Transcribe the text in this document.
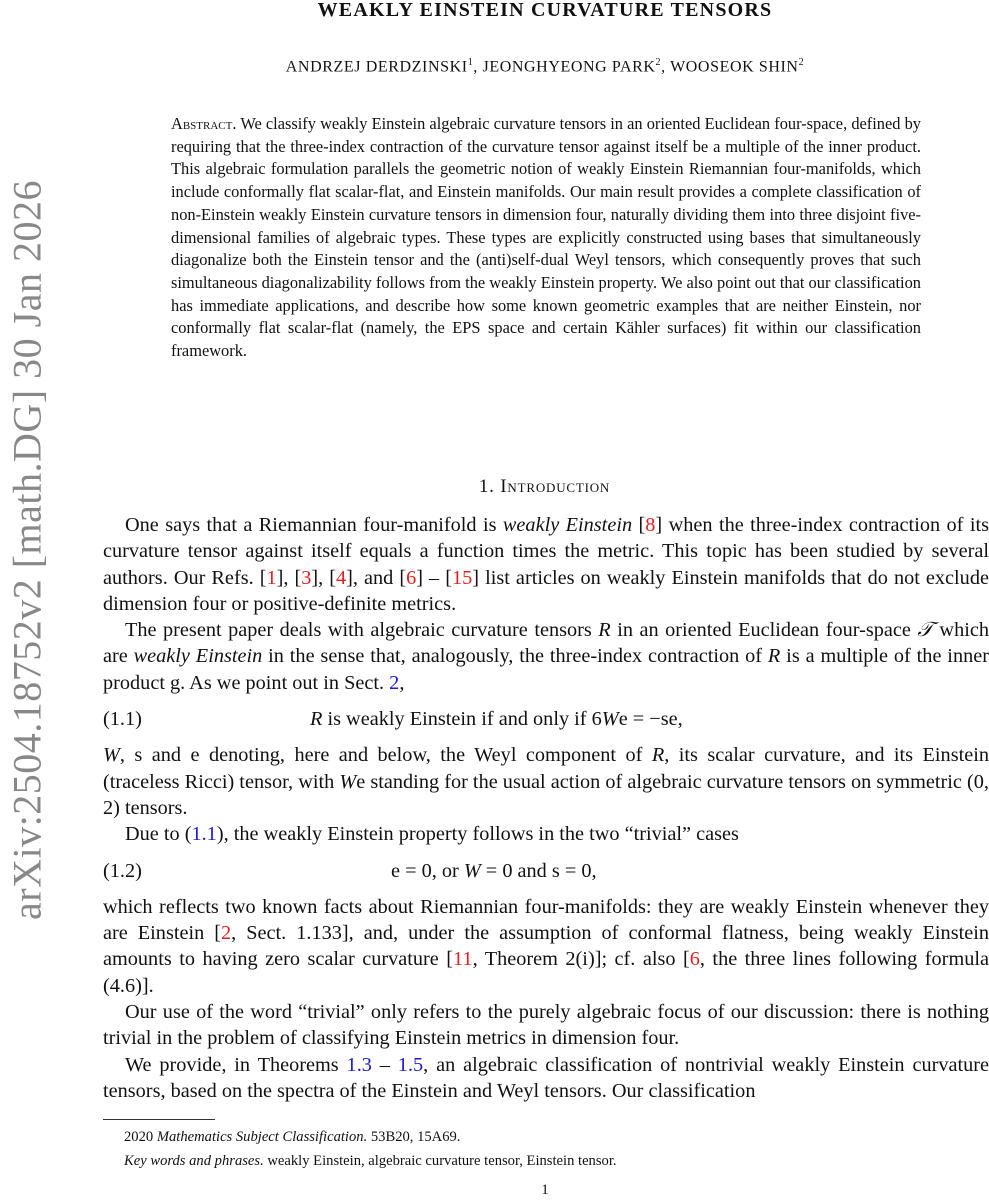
arXiv:2504.18752v2 [math.DG] 30 Jan 2026
WEAKLY EINSTEIN CURVATURE TENSORS
ANDRZEJ DERDZINSKI$^1$, JEONGHYEONG PARK$^2$, WOOSEOK SHIN$^2$
Abstract. We classify weakly Einstein algebraic curvature tensors in an oriented Euclidean four-space, defined by requiring that the three-index contraction of the curvature tensor against itself be a multiple of the inner product. This algebraic formulation parallels the geometric notion of weakly Einstein Riemannian four-manifolds, which include conformally flat scalar-flat, and Einstein manifolds. Our main result provides a complete classification of non-Einstein weakly Einstein curvature tensors in dimension four, naturally dividing them into three disjoint five-dimensional families of algebraic types. These types are explicitly constructed using bases that simultaneously diagonalize both the Einstein tensor and the (anti)self-dual Weyl tensors, which consequently proves that such simultaneous diagonalizability follows from the weakly Einstein property. We also point out that our classification has immediate applications, and describe how some known geometric examples that are neither Einstein, nor conformally flat scalar-flat (namely, the EPS space and certain Kähler surfaces) fit within our classification framework.
1. Introduction

One says that a Riemannian four-manifold is weakly Einstein [8] when the three-index contraction of its curvature tensor against itself equals a function times the metric. This topic has been studied by several authors. Our Refs. [1], [3], [4], and [6] – [15] list articles on weakly Einstein manifolds that do not exclude dimension four or positive-definite metrics.

The present paper deals with algebraic curvature tensors R in an oriented Euclidean four-space 𝒯 which are weakly Einstein in the sense that, analogously, the three-index contraction of R is a multiple of the inner product g. As we point out in Sect. 2,

(1.1)	R is weakly Einstein if and only if 6We = −se,

W, s and e denoting, here and below, the Weyl component of R, its scalar curvature, and its Einstein (traceless Ricci) tensor, with We standing for the usual action of algebraic curvature tensors on symmetric (0, 2) tensors.

Due to (1.1), the weakly Einstein property follows in the two “trivial” cases

(1.2)	e = 0, or W = 0 and s = 0,

which reflects two known facts about Riemannian four-manifolds: they are weakly Einstein whenever they are Einstein [2, Sect. 1.133], and, under the assumption of conformal flatness, being weakly Einstein amounts to having zero scalar curvature [11, Theorem 2(i)]; cf. also [6, the three lines following formula (4.6)].

Our use of the word “trivial” only refers to the purely algebraic focus of our discussion: there is nothing trivial in the problem of classifying Einstein metrics in dimension four.

We provide, in Theorems 1.3 – 1.5, an algebraic classification of nontrivial weakly Einstein curvature tensors, based on the spectra of the Einstein and Weyl tensors. Our classification

2020 Mathematics Subject Classification. 53B20, 15A69.

Key words and phrases. weakly Einstein, algebraic curvature tensor, Einstein tensor.

1
